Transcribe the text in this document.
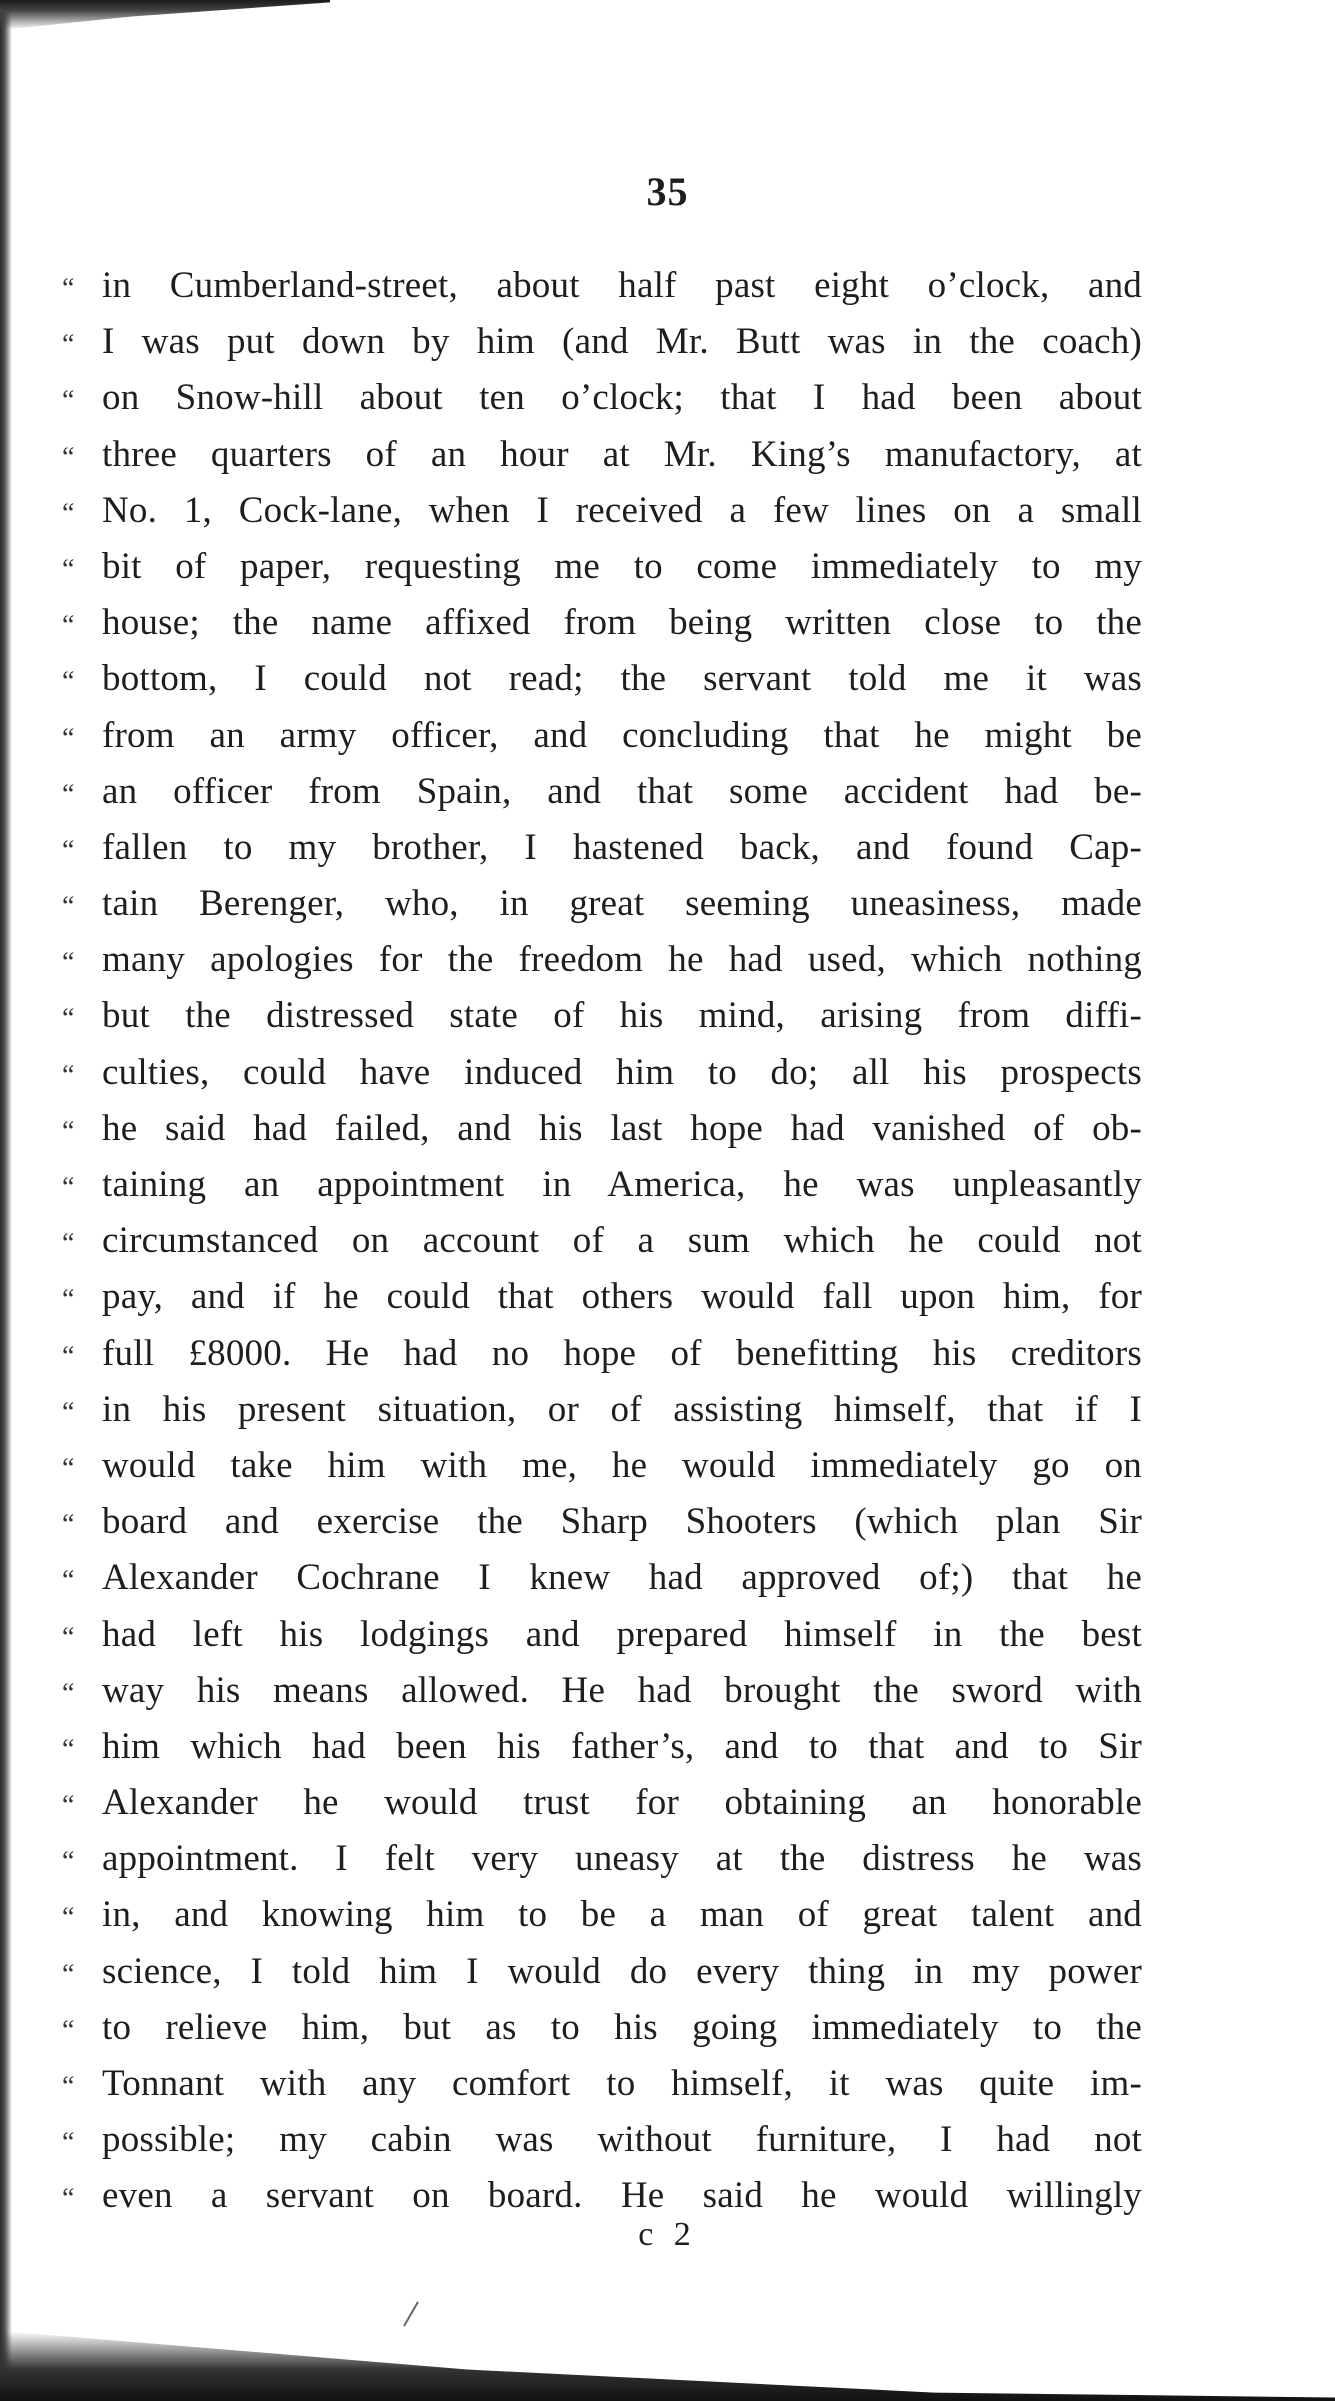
35
“ in Cumberland-street, about half past eight o’clock, and
“ I was put down by him (and Mr. Butt was in the coach)
“ on Snow-hill about ten o’clock; that I had been about
“ three quarters of an hour at Mr. King’s manufactory, at
“ No. 1, Cock-lane, when I received a few lines on a small
“ bit of paper, requesting me to come immediately to my
“ house; the name affixed from being written close to the
“ bottom, I could not read; the servant told me it was
“ from an army officer, and concluding that he might be
“ an officer from Spain, and that some accident had be-
“ fallen to my brother, I hastened back, and found Cap-
“ tain Berenger, who, in great seeming uneasiness, made
“ many apologies for the freedom he had used, which nothing
“ but the distressed state of his mind, arising from diffi-
“ culties, could have induced him to do; all his prospects
“ he said had failed, and his last hope had vanished of ob-
“ taining an appointment in America, he was unpleasantly
“ circumstanced on account of a sum which he could not
“ pay, and if he could that others would fall upon him, for
“ full £8000. He had no hope of benefitting his creditors
“ in his present situation, or of assisting himself, that if I
“ would take him with me, he would immediately go on
“ board and exercise the Sharp Shooters (which plan Sir
“ Alexander Cochrane I knew had approved of;) that he
“ had left his lodgings and prepared himself in the best
“ way his means allowed. He had brought the sword with
“ him which had been his father’s, and to that and to Sir
“ Alexander he would trust for obtaining an honorable
“ appointment. I felt very uneasy at the distress he was
“ in, and knowing him to be a man of great talent and
“ science, I told him I would do every thing in my power
“ to relieve him, but as to his going immediately to the
“ Tonnant with any comfort to himself, it was quite im-
“ possible; my cabin was without furniture, I had not
“ even a servant on board. He said he would willingly
c 2
